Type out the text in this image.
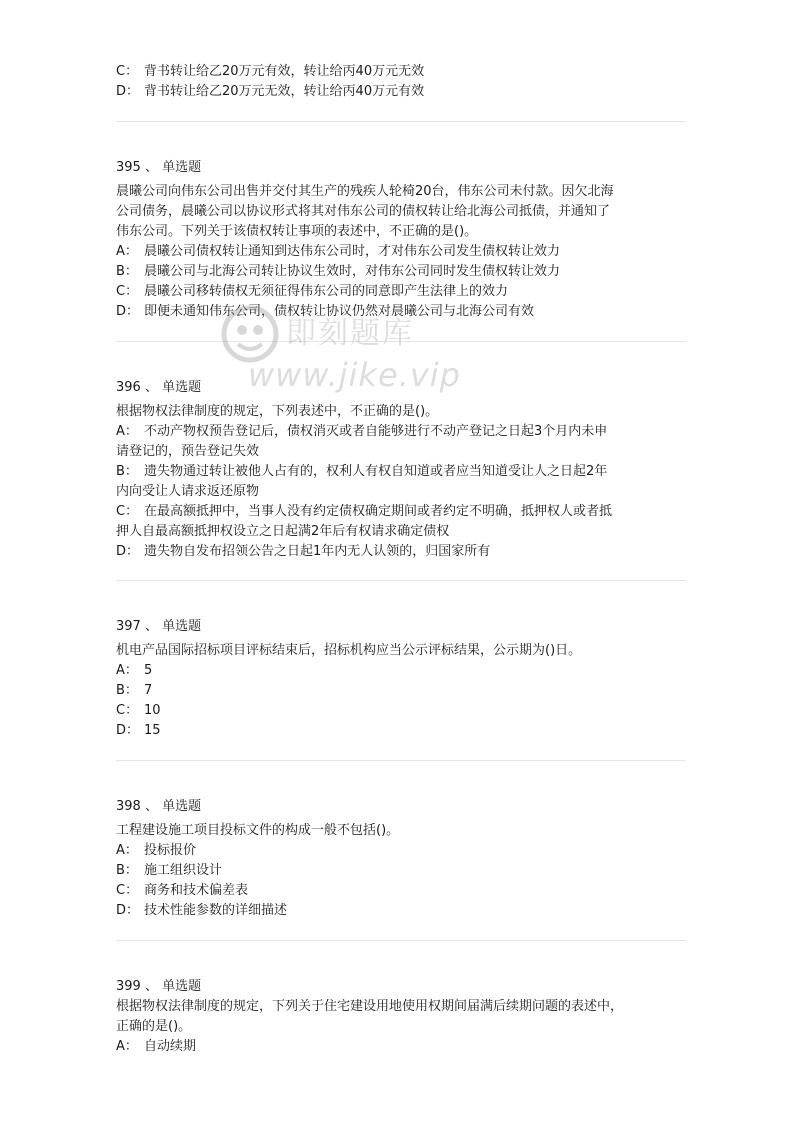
C： 背书转让给乙20万元有效，转让给丙40万元无效
D： 背书转让给乙20万元无效，转让给丙40万元有效
395 、 单选题
晨曦公司向伟东公司出售并交付其生产的残疾人轮椅20台，伟东公司未付款。因欠北海
公司债务，晨曦公司以协议形式将其对伟东公司的债权转让给北海公司抵债，并通知了
伟东公司。下列关于该债权转让事项的表述中，不正确的是()。
A： 晨曦公司债权转让通知到达伟东公司时，才对伟东公司发生债权转让效力
B： 晨曦公司与北海公司转让协议生效时，对伟东公司同时发生债权转让效力
C： 晨曦公司移转债权无须征得伟东公司的同意即产生法律上的效力
D： 即便未通知伟东公司，债权转让协议仍然对晨曦公司与北海公司有效
396 、 单选题
根据物权法律制度的规定，下列表述中，不正确的是()。
A： 不动产物权预告登记后，债权消灭或者自能够进行不动产登记之日起3个月内未申
请登记的，预告登记失效
B： 遗失物通过转让被他人占有的，权利人有权自知道或者应当知道受让人之日起2年
内向受让人请求返还原物
C： 在最高额抵押中，当事人没有约定债权确定期间或者约定不明确，抵押权人或者抵
押人自最高额抵押权设立之日起满2年后有权请求确定债权
D： 遗失物自发布招领公告之日起1年内无人认领的，归国家所有
397 、 单选题
机电产品国际招标项目评标结束后，招标机构应当公示评标结果，公示期为()日。
A： 5
B： 7
C： 10
D： 15
398 、 单选题
工程建设施工项目投标文件的构成一般不包括()。
A： 投标报价
B： 施工组织设计
C： 商务和技术偏差表
D： 技术性能参数的详细描述
399 、 单选题
根据物权法律制度的规定，下列关于住宅建设用地使用权期间届满后续期问题的表述中，
正确的是()。
A： 自动续期
即刻题库
www.jike.vip
